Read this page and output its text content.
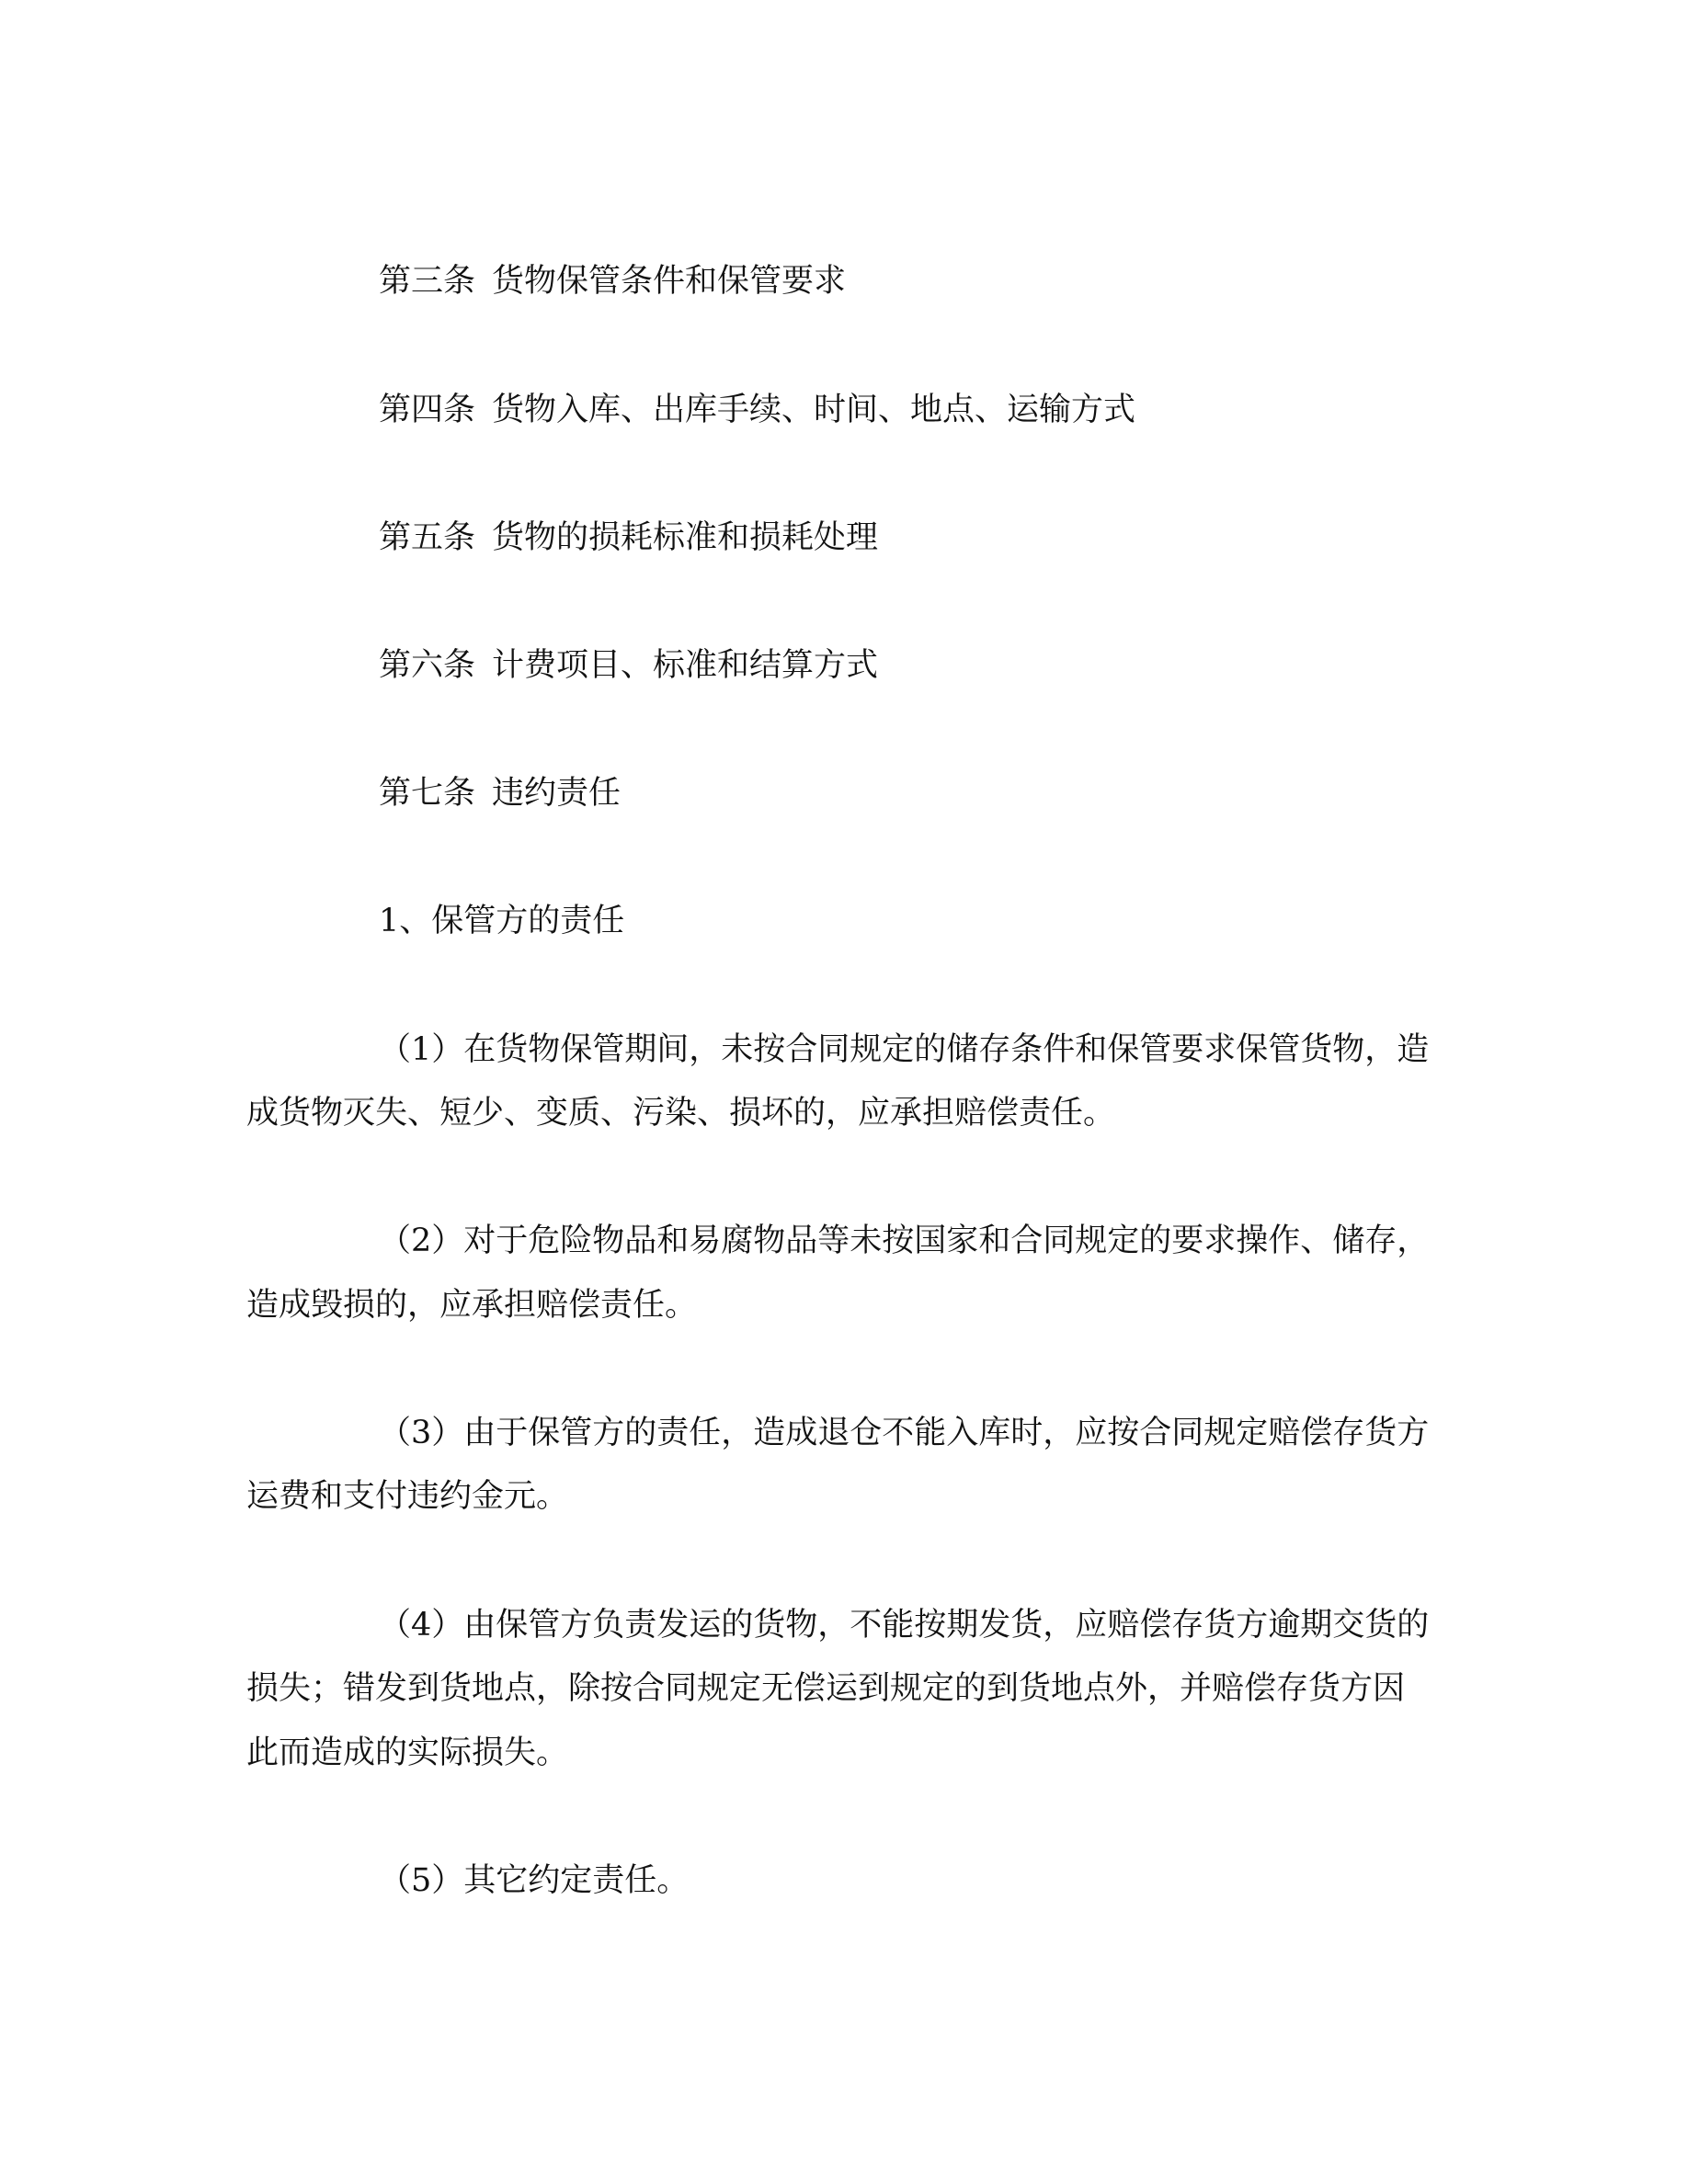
第三条 货物保管条件和保管要求
第四条 货物入库、出库手续、时间、地点、运输方式
第五条 货物的损耗标准和损耗处理
第六条 计费项目、标准和结算方式
第七条 违约责任
1、保管方的责任
（1）在货物保管期间，未按合同规定的储存条件和保管要求保管货物，造
成货物灭失、短少、变质、污染、损坏的，应承担赔偿责任。
（2）对于危险物品和易腐物品等未按国家和合同规定的要求操作、储存，
造成毁损的，应承担赔偿责任。
（3）由于保管方的责任，造成退仓不能入库时，应按合同规定赔偿存货方
运费和支付违约金元。
（4）由保管方负责发运的货物，不能按期发货，应赔偿存货方逾期交货的
损失；错发到货地点，除按合同规定无偿运到规定的到货地点外，并赔偿存货方因
此而造成的实际损失。
（5）其它约定责任。
